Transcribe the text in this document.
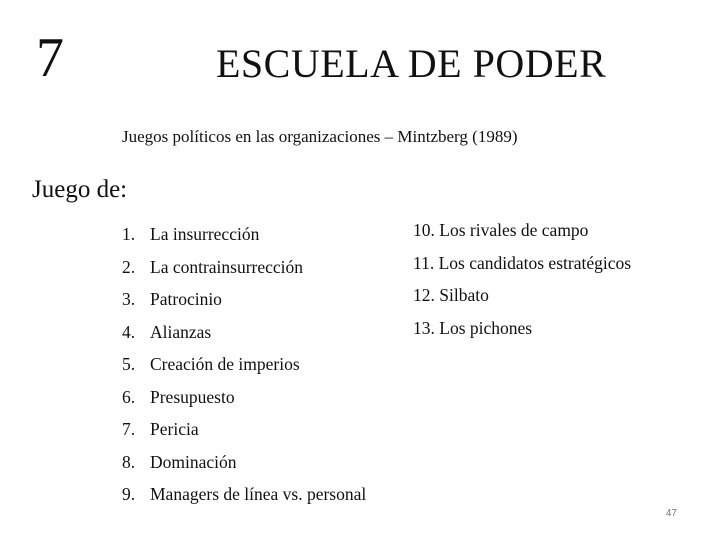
7	ESCUELA DE PODER
Juegos políticos en las organizaciones – Mintzberg (1989)
Juego de:
1. La insurrección
2. La contrainsurrección
3. Patrocinio
4. Alianzas
5. Creación de imperios
6. Presupuesto
7. Pericia
8. Dominación
9. Managers de línea vs. personal
10. Los rivales de campo
11. Los candidatos estratégicos
12. Silbato
13. Los pichones
47
